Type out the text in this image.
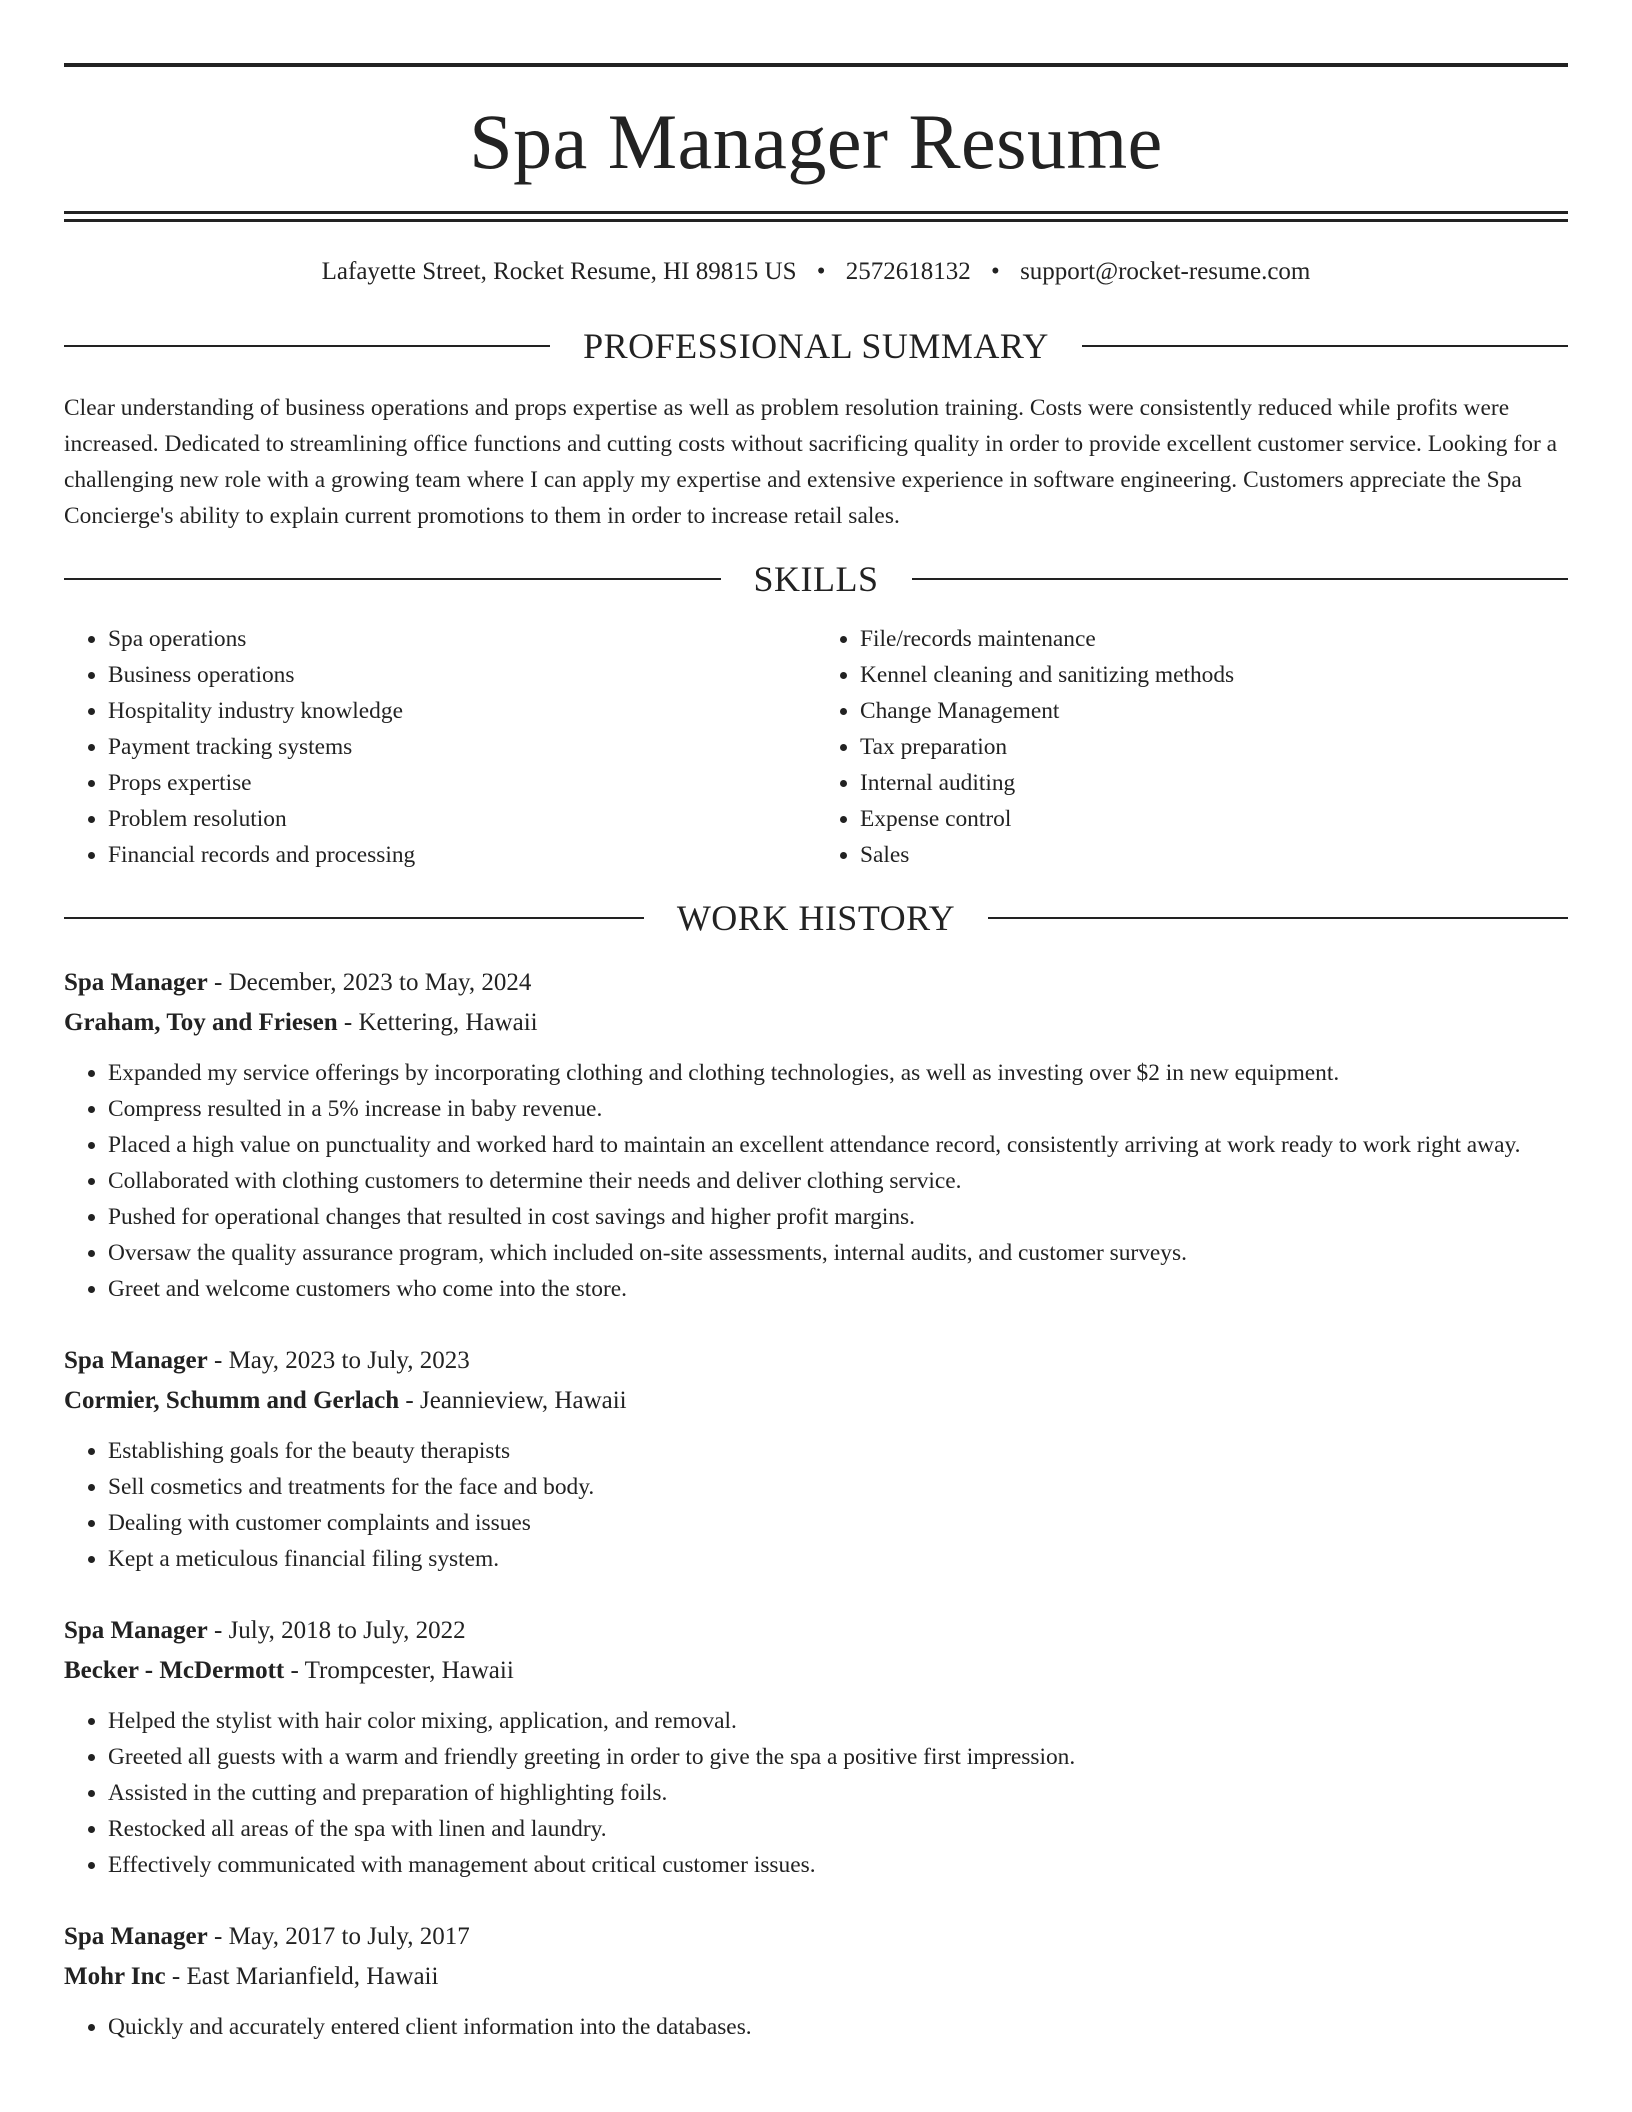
Spa Manager Resume
Lafayette Street, Rocket Resume, HI 89815 US • 2572618132 • support@rocket-resume.com
PROFESSIONAL SUMMARY
Clear understanding of business operations and props expertise as well as problem resolution training. Costs were consistently reduced while profits were increased. Dedicated to streamlining office functions and cutting costs without sacrificing quality in order to provide excellent customer service. Looking for a challenging new role with a growing team where I can apply my expertise and extensive experience in software engineering. Customers appreciate the Spa Concierge's ability to explain current promotions to them in order to increase retail sales.
SKILLS
• Spa operations
• Business operations
• Hospitality industry knowledge
• Payment tracking systems
• Props expertise
• Problem resolution
• Financial records and processing
• File/records maintenance
• Kennel cleaning and sanitizing methods
• Change Management
• Tax preparation
• Internal auditing
• Expense control
• Sales
WORK HISTORY
Spa Manager - December, 2023 to May, 2024
Graham, Toy and Friesen - Kettering, Hawaii
• Expanded my service offerings by incorporating clothing and clothing technologies, as well as investing over $2 in new equipment.
• Compress resulted in a 5% increase in baby revenue.
• Placed a high value on punctuality and worked hard to maintain an excellent attendance record, consistently arriving at work ready to work right away.
• Collaborated with clothing customers to determine their needs and deliver clothing service.
• Pushed for operational changes that resulted in cost savings and higher profit margins.
• Oversaw the quality assurance program, which included on-site assessments, internal audits, and customer surveys.
• Greet and welcome customers who come into the store.
Spa Manager - May, 2023 to July, 2023
Cormier, Schumm and Gerlach - Jeannieview, Hawaii
• Establishing goals for the beauty therapists
• Sell cosmetics and treatments for the face and body.
• Dealing with customer complaints and issues
• Kept a meticulous financial filing system.
Spa Manager - July, 2018 to July, 2022
Becker - McDermott - Trompcester, Hawaii
• Helped the stylist with hair color mixing, application, and removal.
• Greeted all guests with a warm and friendly greeting in order to give the spa a positive first impression.
• Assisted in the cutting and preparation of highlighting foils.
• Restocked all areas of the spa with linen and laundry.
• Effectively communicated with management about critical customer issues.
Spa Manager - May, 2017 to July, 2017
Mohr Inc - East Marianfield, Hawaii
• Quickly and accurately entered client information into the databases.
